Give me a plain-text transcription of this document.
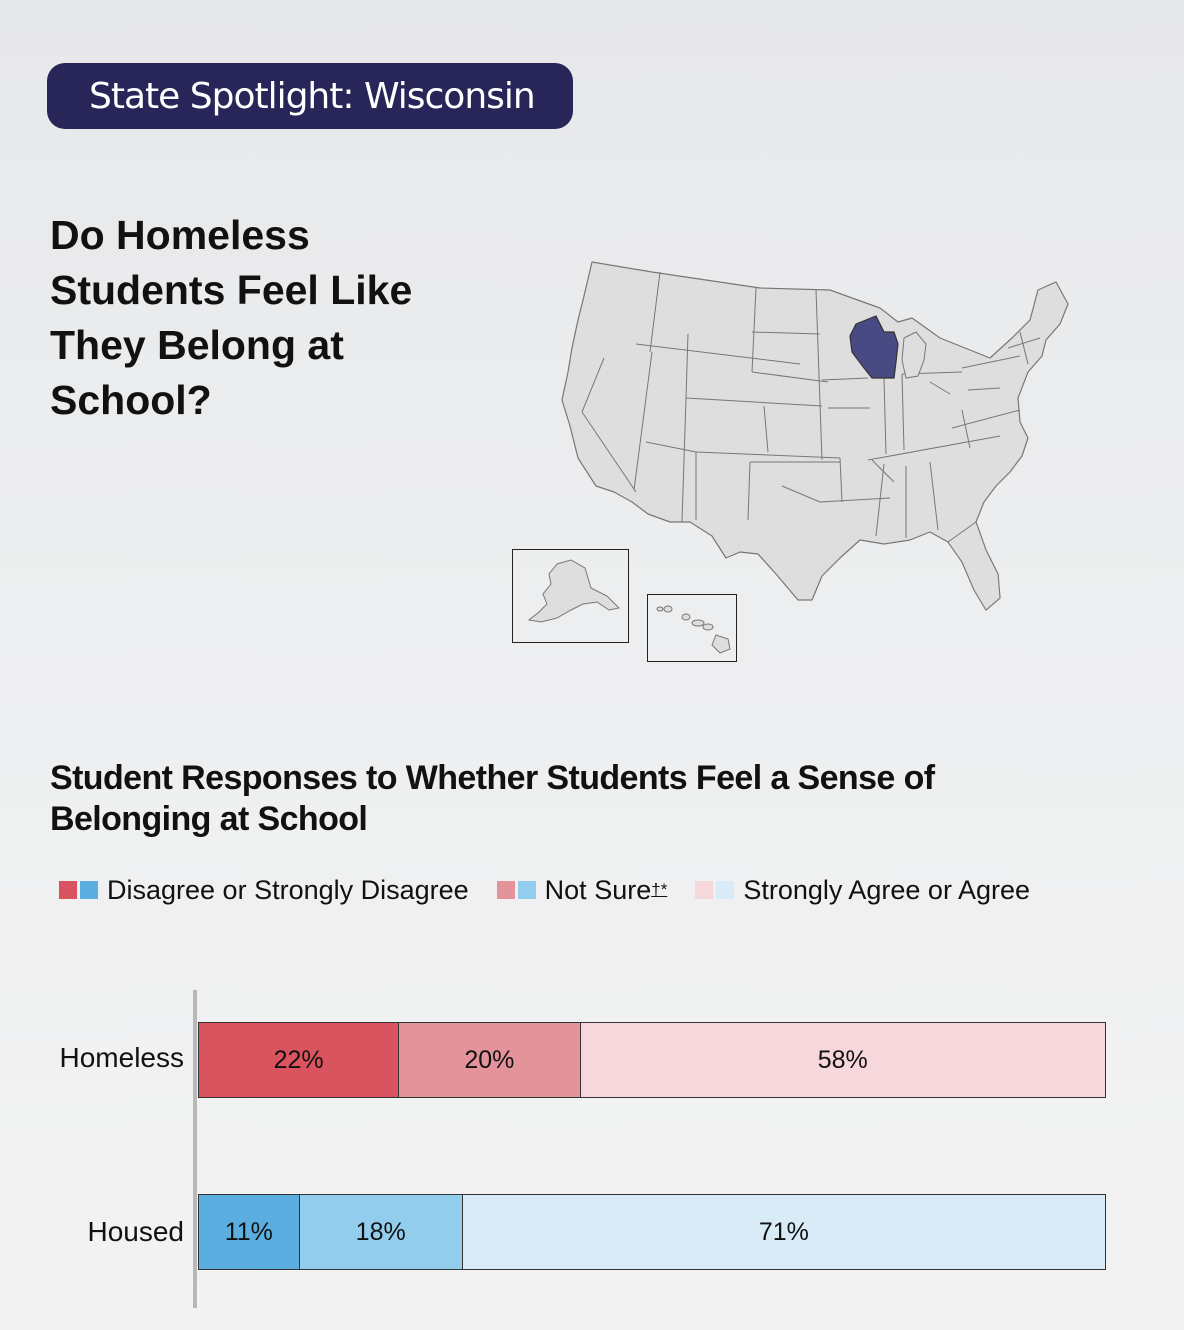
State Spotlight: Wisconsin
Do Homeless
Students Feel Like
They Belong at
School?
Student Responses to Whether Students Feel a Sense of Belonging at School
Disagree or Strongly Disagree	Not Sure †*	Strongly Agree or Agree
Homeless	22%	20%	58%
Housed 11%	18%	71%
